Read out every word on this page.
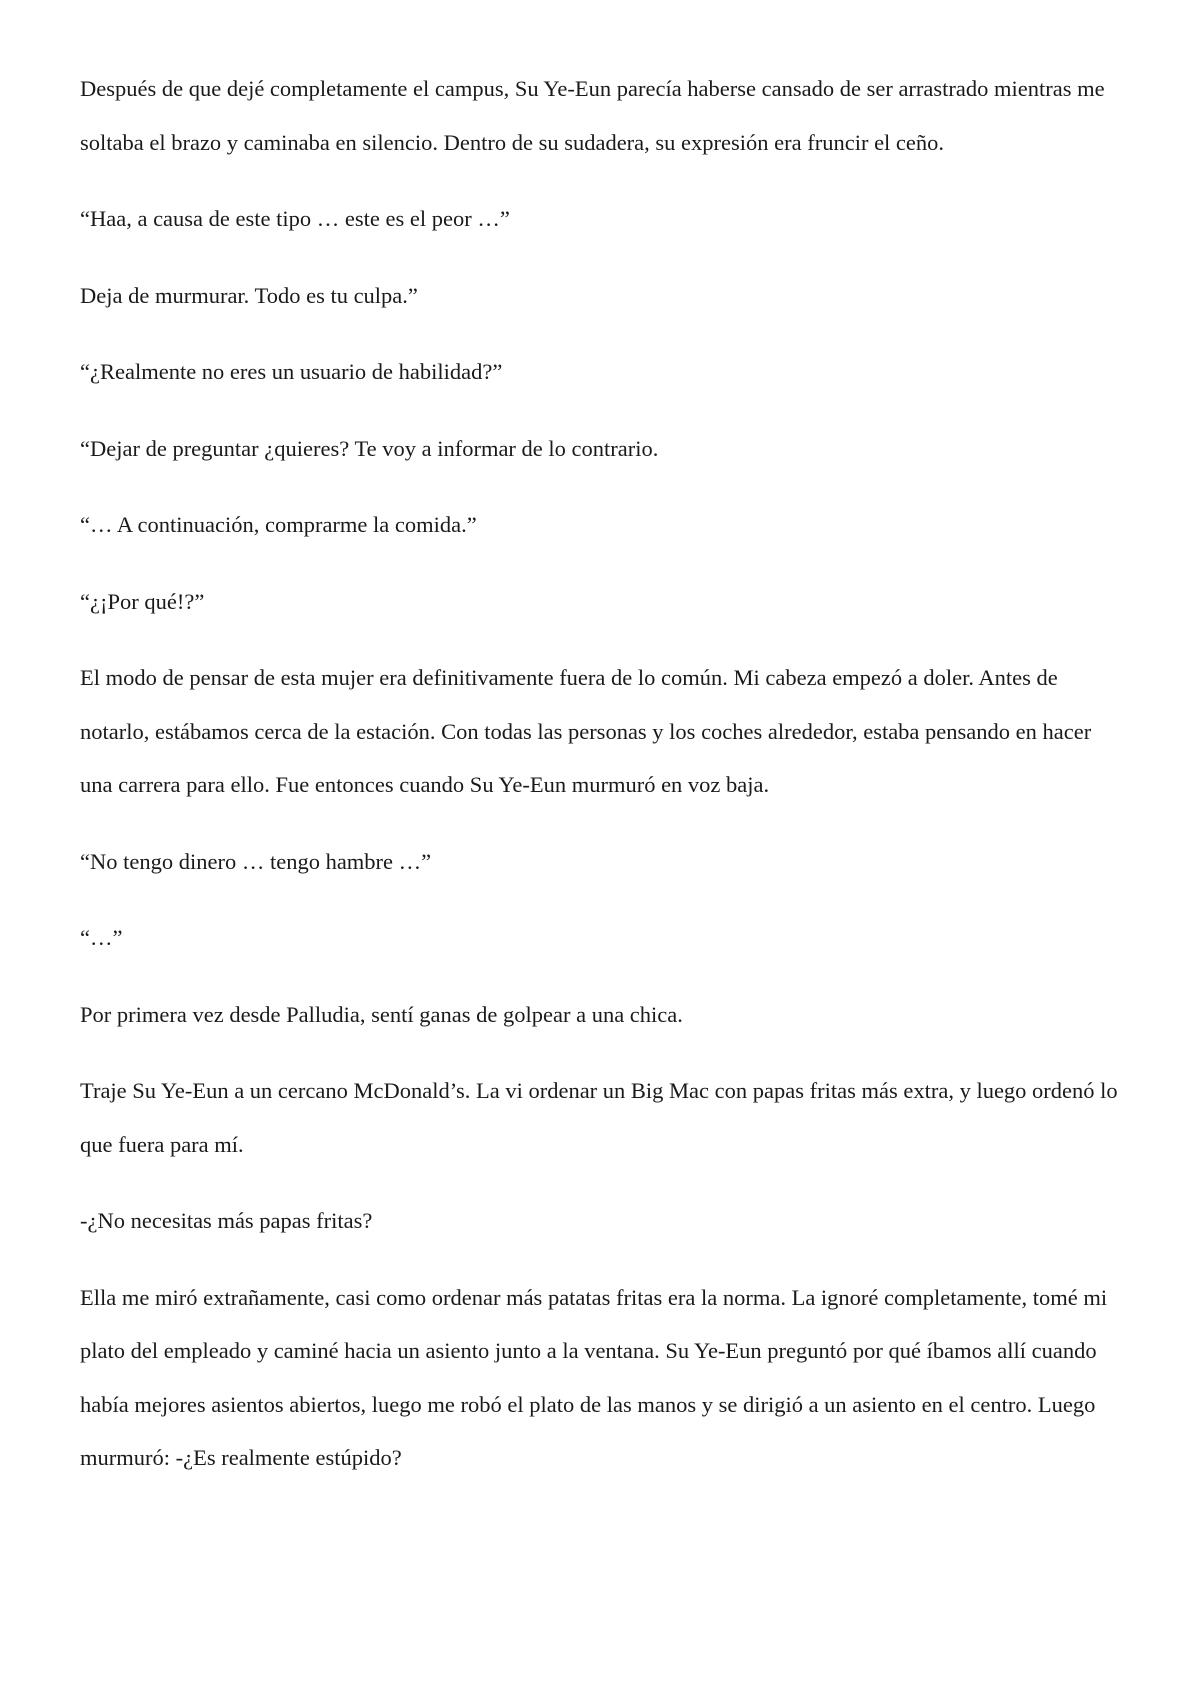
Después de que dejé completamente el campus, Su Ye-Eun parecía haberse cansado de ser arrastrado mientras me soltaba el brazo y caminaba en silencio. Dentro de su sudadera, su expresión era fruncir el ceño.

“Haa, a causa de este tipo … este es el peor …”

Deja de murmurar. Todo es tu culpa.”

“¿Realmente no eres un usuario de habilidad?”

“Dejar de preguntar ¿quieres? Te voy a informar de lo contrario.

“… A continuación, comprarme la comida.”

“¿¡Por qué!?”

El modo de pensar de esta mujer era definitivamente fuera de lo común. Mi cabeza empezó a doler. Antes de notarlo, estábamos cerca de la estación. Con todas las personas y los coches alrededor, estaba pensando en hacer una carrera para ello. Fue entonces cuando Su Ye-Eun murmuró en voz baja.

“No tengo dinero … tengo hambre …”

“…”

Por primera vez desde Palludia, sentí ganas de golpear a una chica.

Traje Su Ye-Eun a un cercano McDonald’s. La vi ordenar un Big Mac con papas fritas más extra, y luego ordenó lo que fuera para mí.

-¿No necesitas más papas fritas?

Ella me miró extrañamente, casi como ordenar más patatas fritas era la norma. La ignoré completamente, tomé mi plato del empleado y caminé hacia un asiento junto a la ventana. Su Ye-Eun preguntó por qué íbamos allí cuando había mejores asientos abiertos, luego me robó el plato de las manos y se dirigió a un asiento en el centro. Luego murmuró: -¿Es realmente estúpido?
